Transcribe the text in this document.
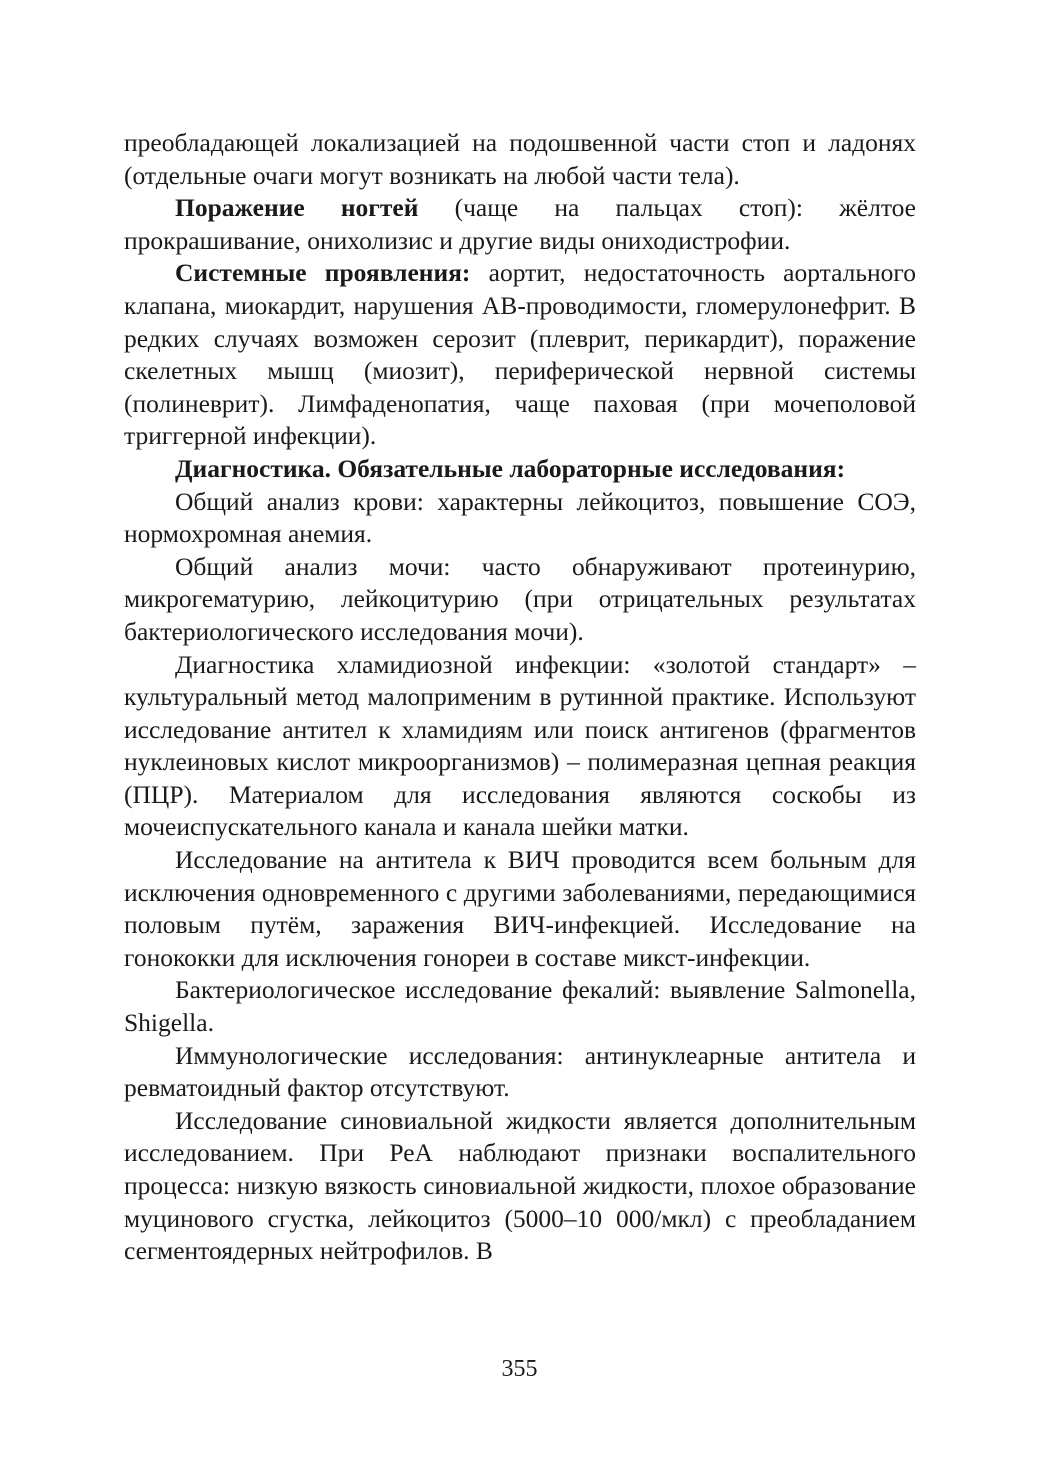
преобладающей локализацией на подошвенной части стоп и ладонях (отдельные очаги могут возникать на любой части тела).

Поражение ногтей (чаще на пальцах стоп): жёлтое прокрашивание, онихолизис и другие виды ониходистрофии.

Системные проявления: аортит, недостаточность аортального клапана, миокардит, нарушения АВ-проводимости, гломерулонефрит. В редких случаях возможен серозит (плеврит, перикардит), поражение скелетных мышц (миозит), периферической нервной системы (полиневрит). Лимфаденопатия, чаще паховая (при мочеполовой триггерной инфекции).

Диагностика. Обязательные лабораторные исследования:

Общий анализ крови: характерны лейкоцитоз, повышение СОЭ, нормохромная анемия.

Общий анализ мочи: часто обнаруживают протеинурию, микрогематурию, лейкоцитурию (при отрицательных результатах бактериологического исследования мочи).

Диагностика хламидиозной инфекции: «золотой стандарт» – культуральный метод малоприменим в рутинной практике. Используют исследование антител к хламидиям или поиск антигенов (фрагментов нуклеиновых кислот микроорганизмов) – полимеразная цепная реакция (ПЦР). Материалом для исследования являются соскобы из мочеиспускательного канала и канала шейки матки.

Исследование на антитела к ВИЧ проводится всем больным для исключения одновременного с другими заболеваниями, передающимися половым путём, заражения ВИЧ-инфекцией. Исследование на гонококки для исключения гонореи в составе микст-инфекции.

Бактериологическое исследование фекалий: выявление Salmonella, Shigella.

Иммунологические исследования: антинуклеарные антитела и ревматоидный фактор отсутствуют.

Исследование синовиальной жидкости является дополнительным исследованием. При РеА наблюдают признаки воспалительного процесса: низкую вязкость синовиальной жидкости, плохое образование муцинового сгустка, лейкоцитоз (5000–10 000/мкл) с преобладанием сегментоядерных нейтрофилов. В

355
